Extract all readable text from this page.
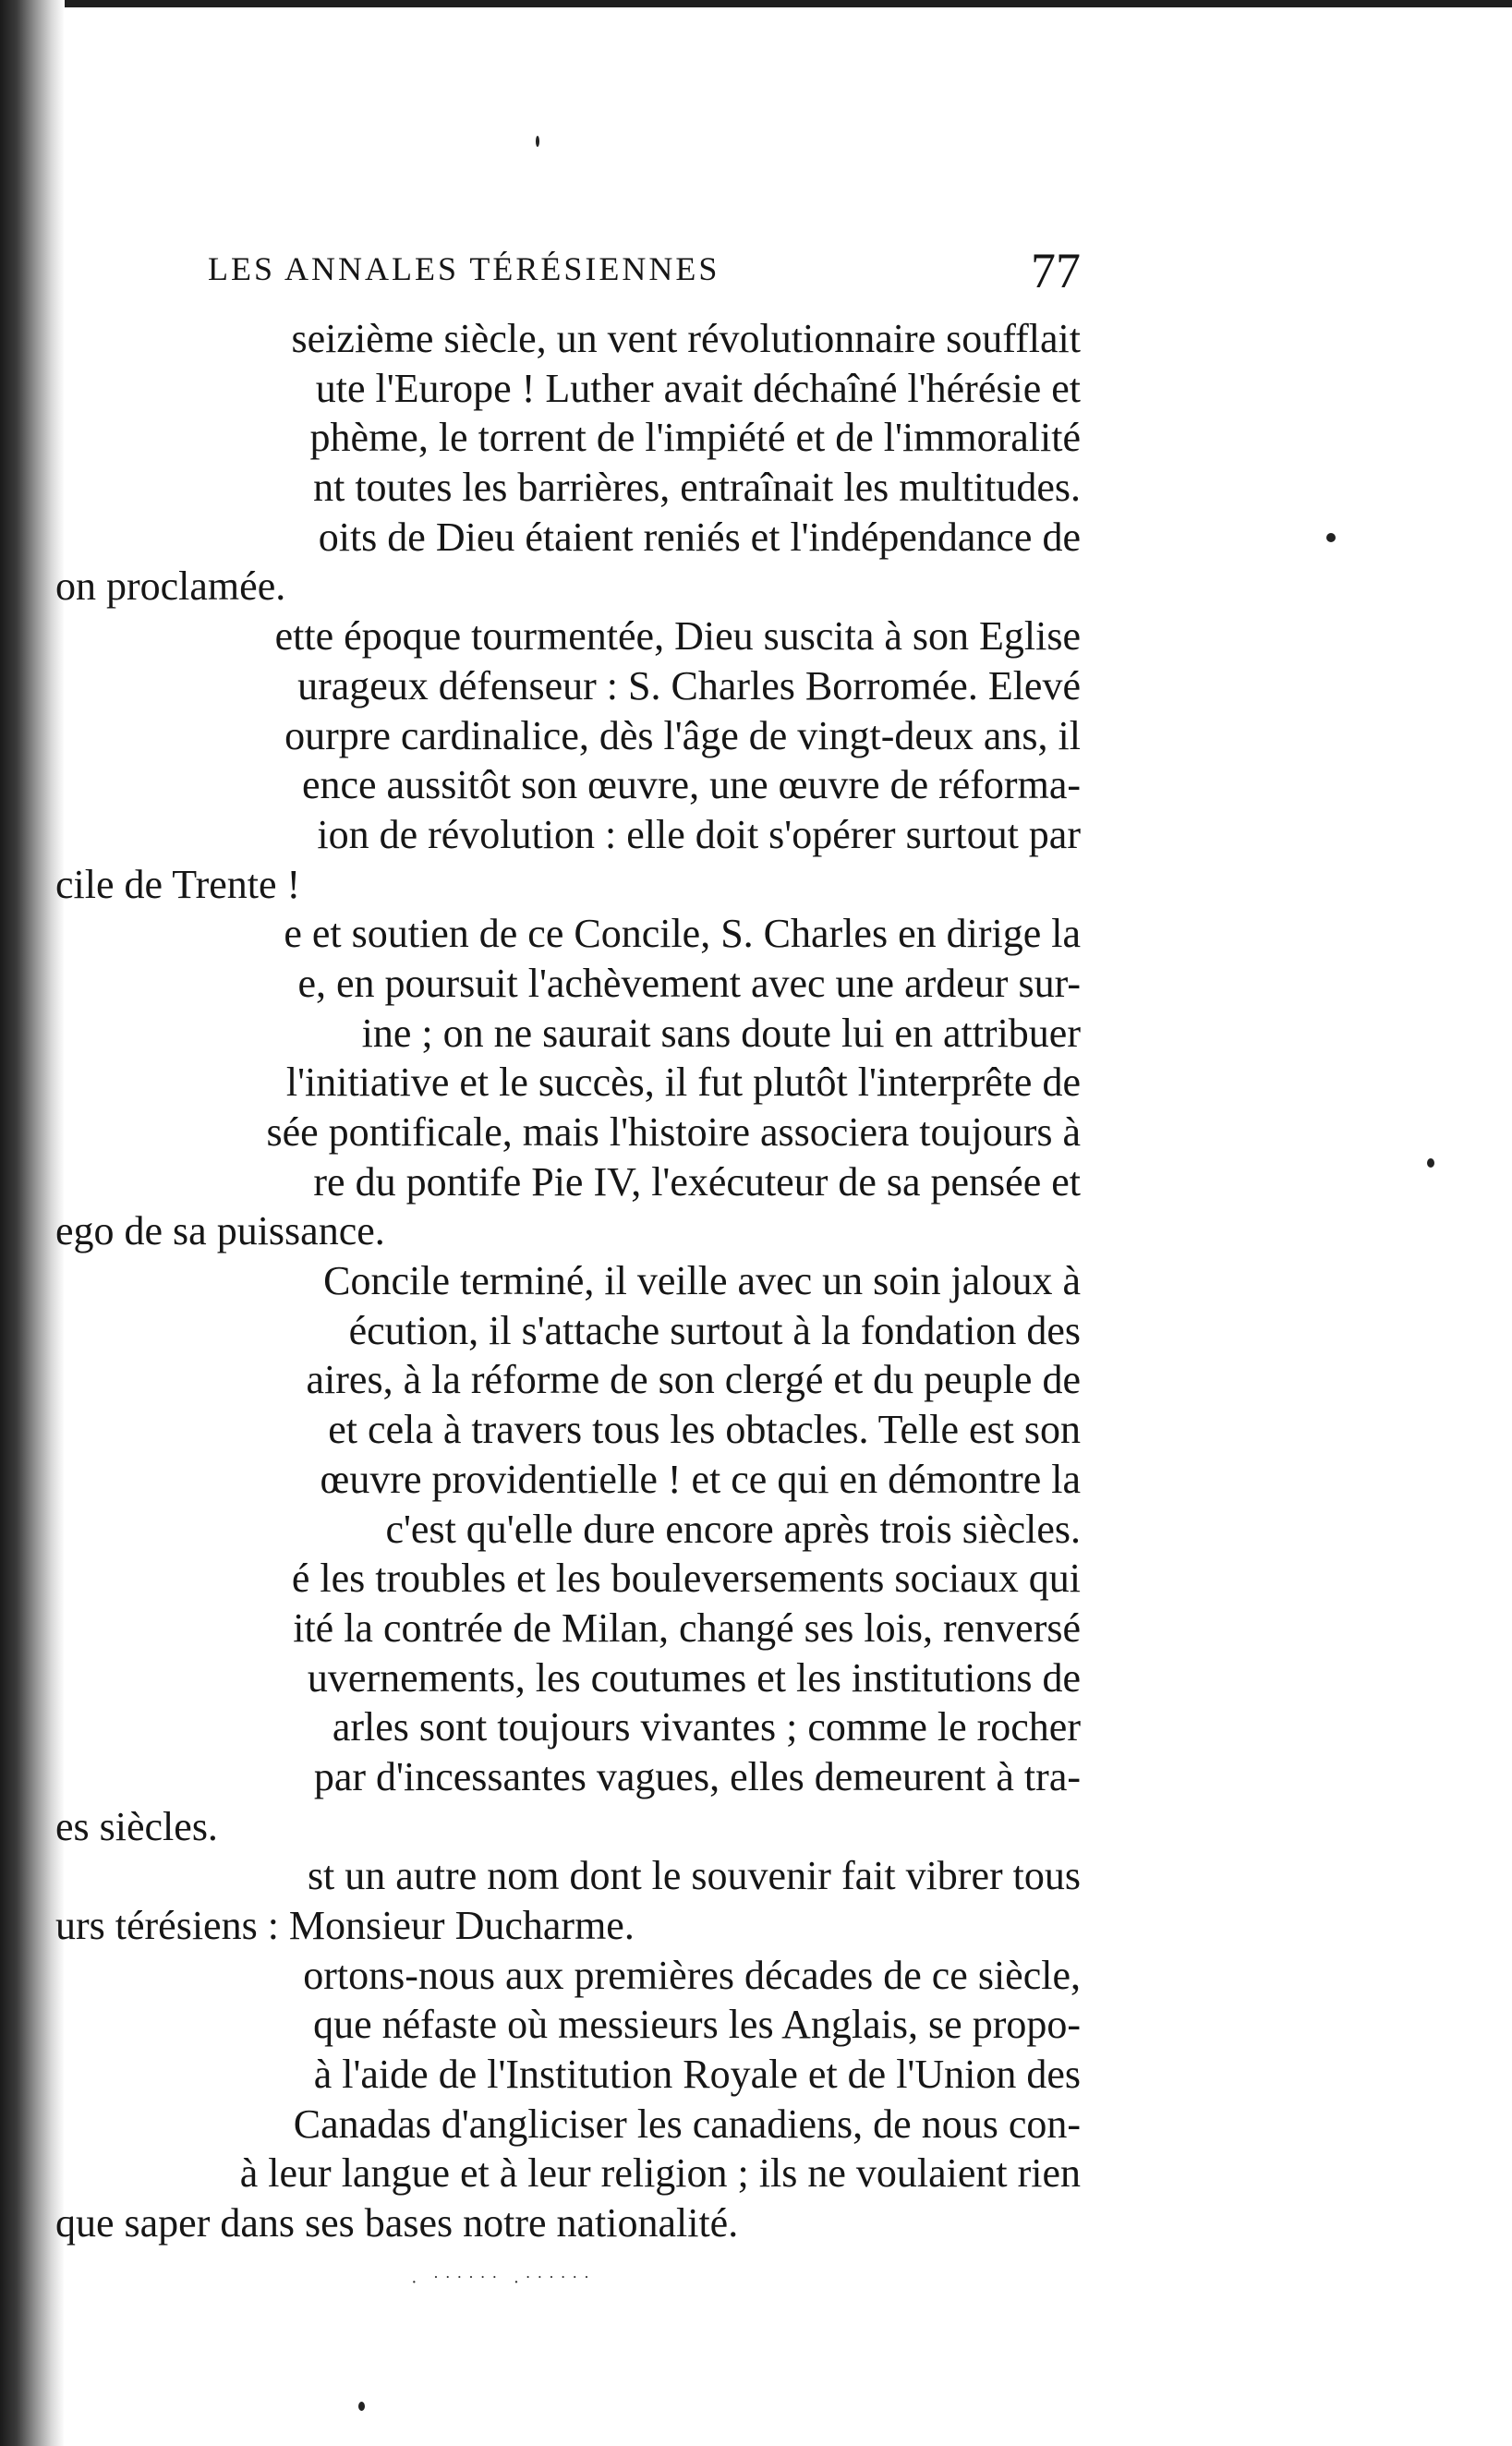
LES ANNALES TÉRÉSIENNES	77
seizième siècle, un vent révolutionnaire soufflait
ute l'Europe ! Luther avait déchaîné l'hérésie et
phème, le torrent de l'impiété et de l'immoralité
nt toutes les barrières, entraînait les multitudes.
oits de Dieu étaient reniés et l'indépendance de
on proclamée.
ette époque tourmentée, Dieu suscita à son Eglise
urageux défenseur : S. Charles Borromée. Elevé
ourpre cardinalice, dès l'âge de vingt-deux ans, il
ence aussitôt son œuvre, une œuvre de réforma-
ion de révolution : elle doit s'opérer surtout par
cile de Trente !
e et soutien de ce Concile, S. Charles en dirige la
e, en poursuit l'achèvement avec une ardeur sur-
ine ; on ne saurait sans doute lui en attribuer
l'initiative et le succès, il fut plutôt l'interprête de
sée pontificale, mais l'histoire associera toujours à
re du pontife Pie IV, l'exécuteur de sa pensée et
ego de sa puissance.
Concile terminé, il veille avec un soin jaloux à
écution, il s'attache surtout à la fondation des
aires, à la réforme de son clergé et du peuple de
et cela à travers tous les obtacles. Telle est son
œuvre providentielle ! et ce qui en démontre la
c'est qu'elle dure encore après trois siècles.
é les troubles et les bouleversements sociaux qui
ité la contrée de Milan, changé ses lois, renversé
uvernements, les coutumes et les institutions de
arles sont toujours vivantes ; comme le rocher
par d'incessantes vagues, elles demeurent à tra-
es siècles.
st un autre nom dont le souvenir fait vibrer tous
urs térésiens : Monsieur Ducharme.
ortons-nous aux premières décades de ce siècle,
que néfaste où messieurs les Anglais, se propo-
à l'aide de l'Institution Royale et de l'Union des
Canadas d'angliciser les canadiens, de nous con-
à leur langue et à leur religion ; ils ne voulaient rien
que saper dans ses bases notre nationalité.
· ˙˙˙˙˙˙ ·˙˙˙˙˙˙
